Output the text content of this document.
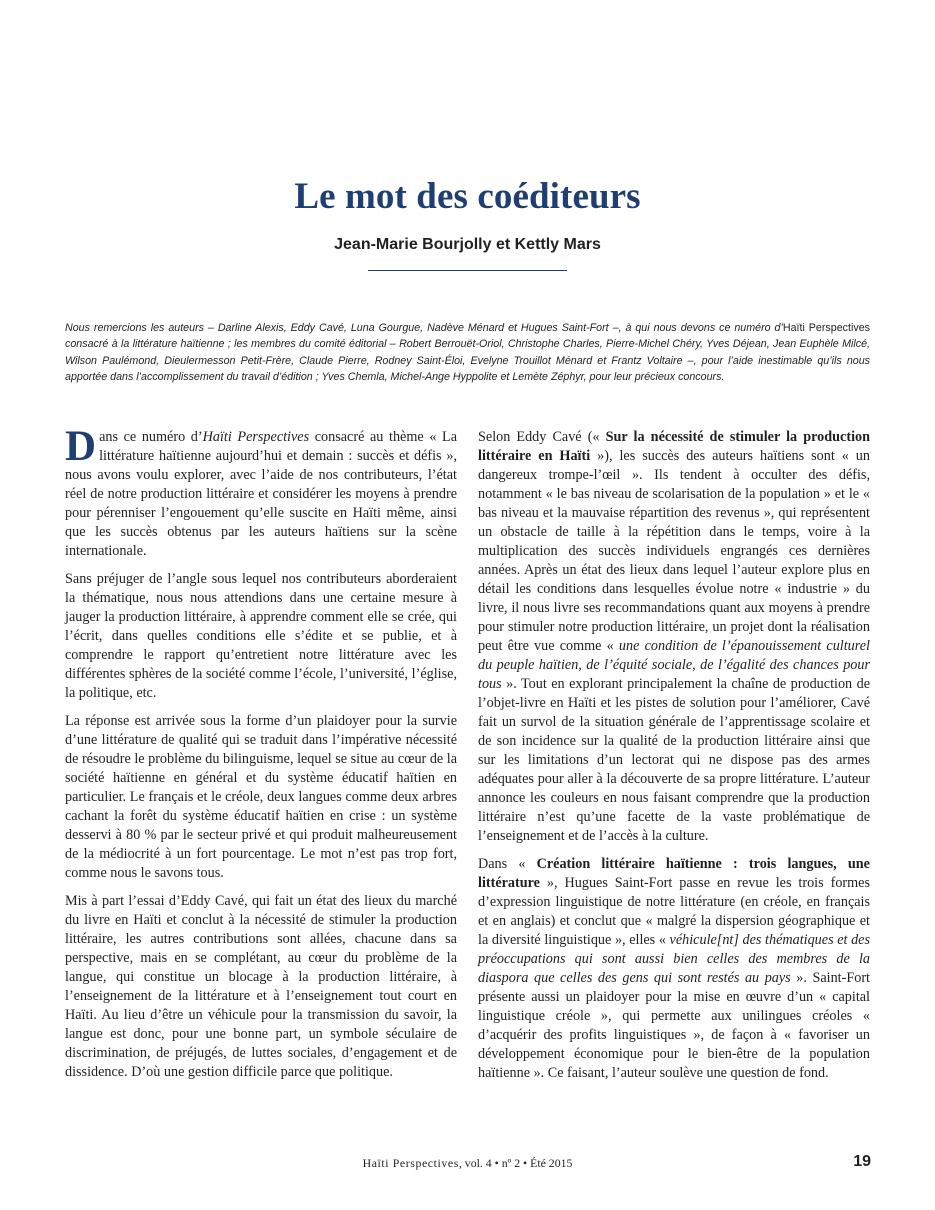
Le mot des coéditeurs
Jean-Marie Bourjolly et Kettly Mars
Nous remercions les auteurs – Darline Alexis, Eddy Cavé, Luna Gourgue, Nadève Ménard et Hugues Saint-Fort –, à qui nous devons ce numéro d’Haïti Perspectives consacré à la littérature haïtienne ; les membres du comité éditorial – Robert Berrouët-Oriol, Christophe Charles, Pierre-Michel Chéry, Yves Déjean, Jean Euphèle Milcé, Wilson Paulémond, Dieulermesson Petit-Frère, Claude Pierre, Rodney Saint-Éloi, Evelyne Trouillot Ménard et Frantz Voltaire –, pour l’aide inestimable qu’ils nous apportée dans l’accomplissement du travail d’édition ; Yves Chemla, Michel-Ange Hyppolite et Lemète Zéphyr, pour leur précieux concours.

Dans ce numéro d’Haïti Perspectives consacré au thème « La littérature haïtienne aujourd’hui et demain : succès et défis », nous avons voulu explorer, avec l’aide de nos contributeurs, l’état réel de notre production littéraire et considérer les moyens à prendre pour pérenniser l’engouement qu’elle suscite en Haïti même, ainsi que les succès obtenus par les auteurs haïtiens sur la scène internationale.

Sans préjuger de l’angle sous lequel nos contributeurs aborderaient la thématique, nous nous attendions dans une certaine mesure à jauger la production littéraire, à apprendre comment elle se crée, qui l’écrit, dans quelles conditions elle s’édite et se publie, et à comprendre le rapport qu’entretient notre littérature avec les différentes sphères de la société comme l’école, l’université, l’église, la politique, etc.

La réponse est arrivée sous la forme d’un plaidoyer pour la survie d’une littérature de qualité qui se traduit dans l’impérative nécessité de résoudre le problème du bilinguisme, lequel se situe au cœur de la société haïtienne en général et du système éducatif haïtien en particulier. Le français et le créole, deux langues comme deux arbres cachant la forêt du système éducatif haïtien en crise : un système desservi à 80 % par le secteur privé et qui produit malheureusement de la médiocrité à un fort pourcentage. Le mot n’est pas trop fort, comme nous le savons tous.

Mis à part l’essai d’Eddy Cavé, qui fait un état des lieux du marché du livre en Haïti et conclut à la nécessité de stimuler la production littéraire, les autres contributions sont allées, chacune dans sa perspective, mais en se complétant, au cœur du problème de la langue, qui constitue un blocage à la production littéraire, à l’enseignement de la littérature et à l’enseignement tout court en Haïti. Au lieu d’être un véhicule pour la transmission du savoir, la langue est donc, pour une bonne part, un symbole séculaire de discrimination, de préjugés, de luttes sociales, d’engagement et de dissidence. D’où une gestion difficile parce que politique.

Selon Eddy Cavé (« Sur la nécessité de stimuler la production littéraire en Haïti »), les succès des auteurs haïtiens sont « un dangereux trompe-l’œil ». Ils tendent à occulter des défis, notamment « le bas niveau de scolarisation de la population » et le « bas niveau et la mauvaise répartition des revenus », qui représentent un obstacle de taille à la répétition dans le temps, voire à la multiplication des succès individuels engrangés ces dernières années. Après un état des lieux dans lequel l’auteur explore plus en détail les conditions dans lesquelles évolue notre « industrie » du livre, il nous livre ses recommandations quant aux moyens à prendre pour stimuler notre production littéraire, un projet dont la réalisation peut être vue comme « une condition de l’épanouissement culturel du peuple haïtien, de l’équité sociale, de l’égalité des chances pour tous ». Tout en explorant principalement la chaîne de production de l’objet-livre en Haïti et les pistes de solution pour l’améliorer, Cavé fait un survol de la situation générale de l’apprentissage scolaire et de son incidence sur la qualité de la production littéraire ainsi que sur les limitations d’un lectorat qui ne dispose pas des armes adéquates pour aller à la découverte de sa propre littérature. L’auteur annonce les couleurs en nous faisant comprendre que la production littéraire n’est qu’une facette de la vaste problématique de l’enseignement et de l’accès à la culture.

Dans « Création littéraire haïtienne : trois langues, une littérature », Hugues Saint-Fort passe en revue les trois formes d’expression linguistique de notre littérature (en créole, en français et en anglais) et conclut que « malgré la dispersion géographique et la diversité linguistique », elles « véhicule[nt] des thématiques et des préoccupations qui sont aussi bien celles des membres de la diaspora que celles des gens qui sont restés au pays ». Saint-Fort présente aussi un plaidoyer pour la mise en œuvre d’un « capital linguistique créole », qui permette aux unilingues créoles « d’acquérir des profits linguistiques », de façon à « favoriser un développement économique pour le bien-être de la population haïtienne ». Ce faisant, l’auteur soulève une question de fond.

Haïti Perspectives, vol. 4 • nº 2 • Été 2015	19
